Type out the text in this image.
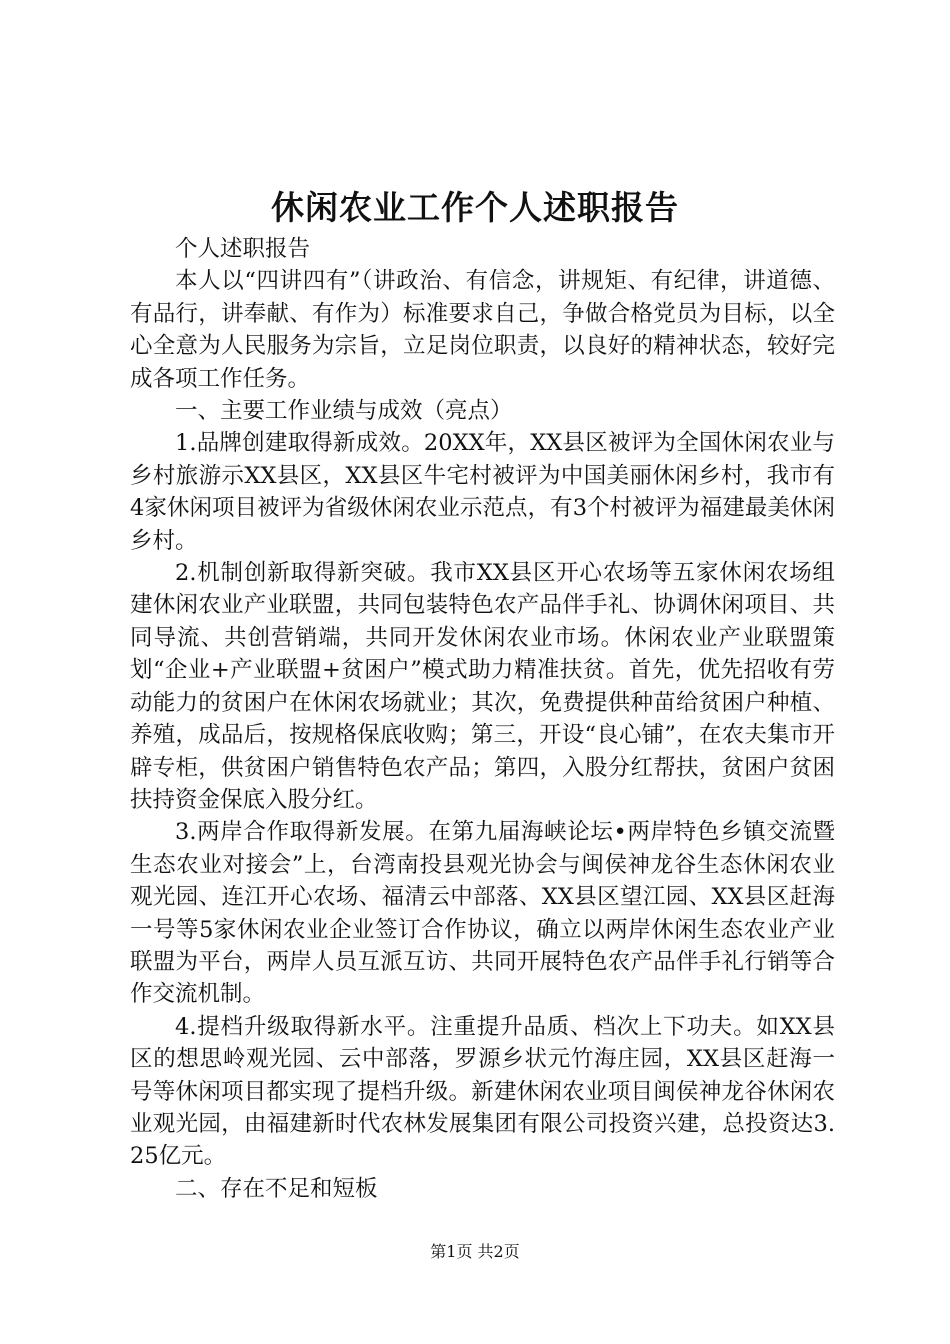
休闲农业工作个人述职报告

个人述职报告

本人以“四讲四有”（讲政治、有信念，讲规矩、有纪律，讲道德、有品行，讲奉献、有作为）标准要求自己，争做合格党员为目标，以全心全意为人民服务为宗旨，立足岗位职责，以良好的精神状态，较好完成各项工作任务。

一、主要工作业绩与成效（亮点）

1.品牌创建取得新成效。20XX年，XX县区被评为全国休闲农业与乡村旅游示XX县区，XX县区牛宅村被评为中国美丽休闲乡村，我市有4家休闲项目被评为省级休闲农业示范点，有3个村被评为福建最美休闲乡村。

2.机制创新取得新突破。我市XX县区开心农场等五家休闲农场组建休闲农业产业联盟，共同包装特色农产品伴手礼、协调休闲项目、共同导流、共创营销端，共同开发休闲农业市场。休闲农业产业联盟策划“企业+产业联盟+贫困户”模式助力精准扶贫。首先，优先招收有劳动能力的贫困户在休闲农场就业；其次，免费提供种苗给贫困户种植、养殖，成品后，按规格保底收购；第三，开设“良心铺”，在农夫集市开辟专柜，供贫困户销售特色农产品；第四，入股分红帮扶，贫困户贫困扶持资金保底入股分红。

3.两岸合作取得新发展。在第九届海峡论坛•两岸特色乡镇交流暨生态农业对接会”上，台湾南投县观光协会与闽侯神龙谷生态休闲农业观光园、连江开心农场、福清云中部落、XX县区望江园、XX县区赶海一号等5家休闲农业企业签订合作协议，确立以两岸休闲生态农业产业联盟为平台，两岸人员互派互访、共同开展特色农产品伴手礼行销等合作交流机制。

4.提档升级取得新水平。注重提升品质、档次上下功夫。如XX县区的想思岭观光园、云中部落，罗源乡状元竹海庄园，XX县区赶海一号等休闲项目都实现了提档升级。新建休闲农业项目闽侯神龙谷休闲农业观光园，由福建新时代农林发展集团有限公司投资兴建，总投资达3.25亿元。

二、存在不足和短板

第1页 共2页
